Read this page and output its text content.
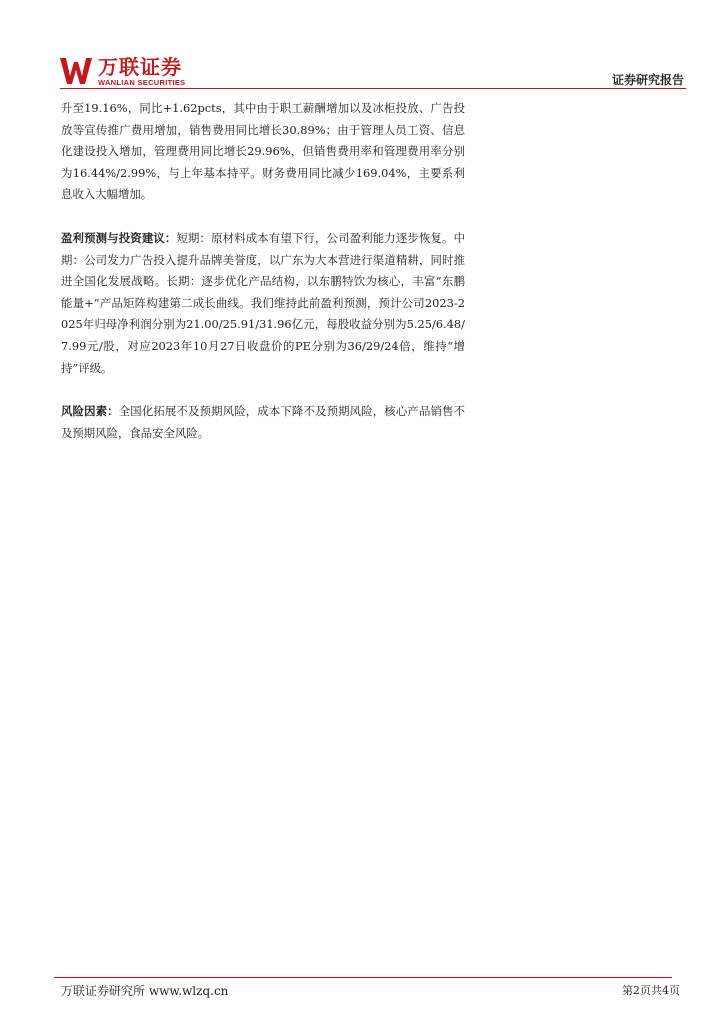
万联证券
WANLIAN SECURITIES	证券研究报告

升至19.16%，同比+1.62pcts，其中由于职工薪酬增加以及冰柜投放、广告投放等宣传推广费用增加，销售费用同比增长30.89%；由于管理人员工资、信息化建设投入增加，管理费用同比增长29.96%，但销售费用率和管理费用率分别为16.44%/2.99%，与上年基本持平。财务费用同比减少169.04%，主要系利息收入大幅增加。

盈利预测与投资建议：短期：原材料成本有望下行，公司盈利能力逐步恢复。中期：公司发力广告投入提升品牌美誉度，以广东为大本营进行渠道精耕，同时推进全国化发展战略。长期：逐步优化产品结构，以东鹏特饮为核心，丰富“东鹏能量+”产品矩阵构建第二成长曲线。我们维持此前盈利预测，预计公司2023-2025年归母净利润分别为21.00/25.91/31.96亿元，每股收益分别为5.25/6.48/7.99元/股，对应2023年10月27日收盘价的PE分别为36/29/24倍，维持“增持”评级。

风险因素：全国化拓展不及预期风险，成本下降不及预期风险，核心产品销售不及预期风险，食品安全风险。

万联证券研究所 www.wlzq.cn	第2页共4页
